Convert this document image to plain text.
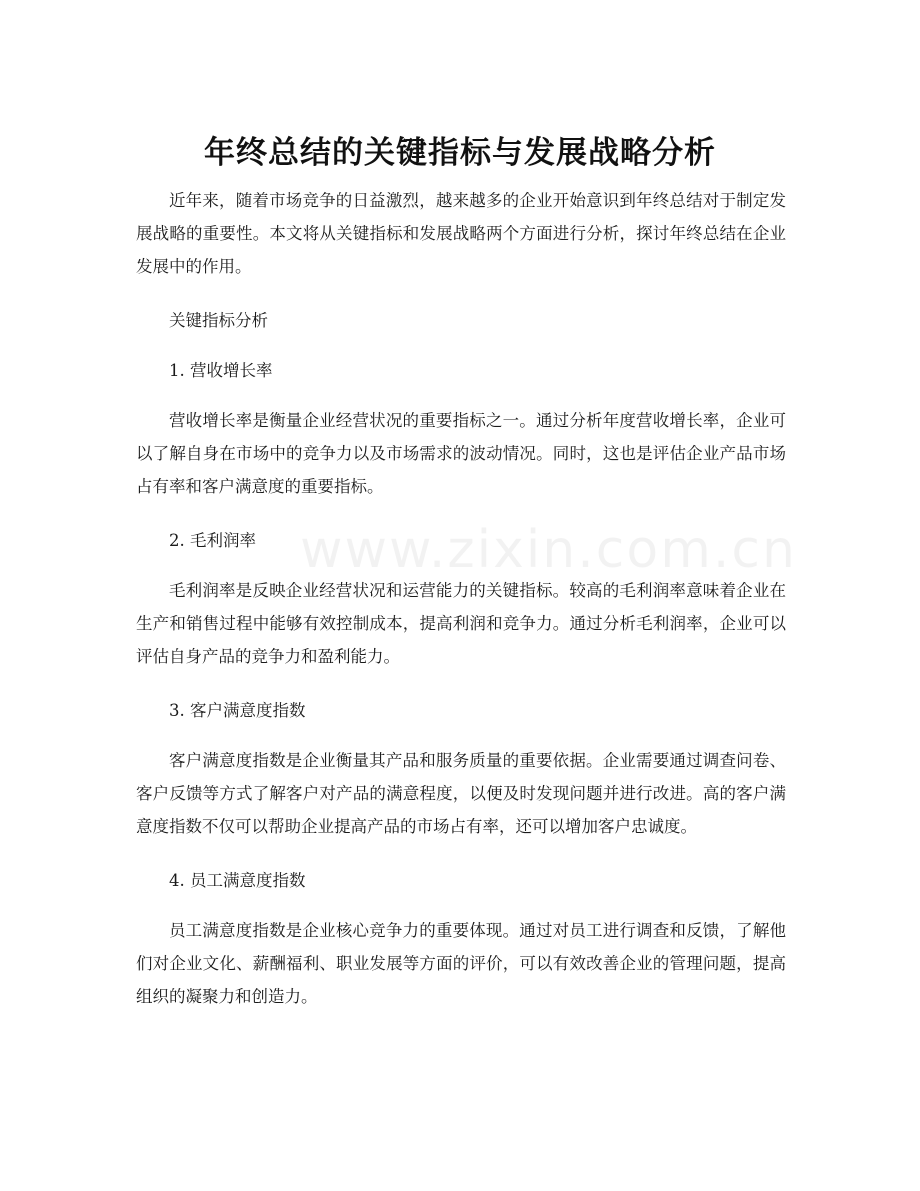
www.zixin.com.cn
年终总结的关键指标与发展战略分析

近年来，随着市场竞争的日益激烈，越来越多的企业开始意识到年终总结对于制定发展战略的重要性。本文将从关键指标和发展战略两个方面进行分析，探讨年终总结在企业发展中的作用。

关键指标分析

1. 营收增长率

营收增长率是衡量企业经营状况的重要指标之一。通过分析年度营收增长率，企业可以了解自身在市场中的竞争力以及市场需求的波动情况。同时，这也是评估企业产品市场占有率和客户满意度的重要指标。

2. 毛利润率

毛利润率是反映企业经营状况和运营能力的关键指标。较高的毛利润率意味着企业在生产和销售过程中能够有效控制成本，提高利润和竞争力。通过分析毛利润率，企业可以评估自身产品的竞争力和盈利能力。

3. 客户满意度指数

客户满意度指数是企业衡量其产品和服务质量的重要依据。企业需要通过调查问卷、客户反馈等方式了解客户对产品的满意程度，以便及时发现问题并进行改进。高的客户满意度指数不仅可以帮助企业提高产品的市场占有率，还可以增加客户忠诚度。

4. 员工满意度指数

员工满意度指数是企业核心竞争力的重要体现。通过对员工进行调查和反馈，了解他们对企业文化、薪酬福利、职业发展等方面的评价，可以有效改善企业的管理问题，提高组织的凝聚力和创造力。
